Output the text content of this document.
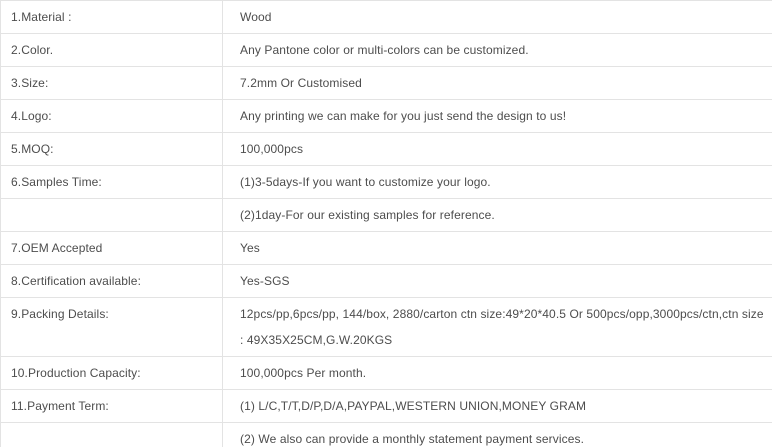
1.Material :	Wood
2.Color.	Any Pantone color or multi-colors can be customized.
3.Size:	7.2mm Or Customised
4.Logo:	Any printing we can make for you just send the design to us!
5.MOQ:	100,000pcs
6.Samples Time:	(1)3-5days-If you want to customize your logo.
	(2)1day-For our existing samples for reference.
7.OEM Accepted	Yes
8.Certification available:	Yes-SGS
9.Packing Details:	12pcs/pp,6pcs/pp, 144/box, 2880/carton ctn size:49*20*40.5 Or 500pcs/opp,3000pcs/ctn,ctn size : 49X35X25CM,G.W.20KGS
10.Production Capacity:	100,000pcs Per month.
11.Payment Term:	(1) L/C,T/T,D/P,D/A,PAYPAL,WESTERN UNION,MONEY GRAM
	(2) We also can provide a monthly statement payment services.
